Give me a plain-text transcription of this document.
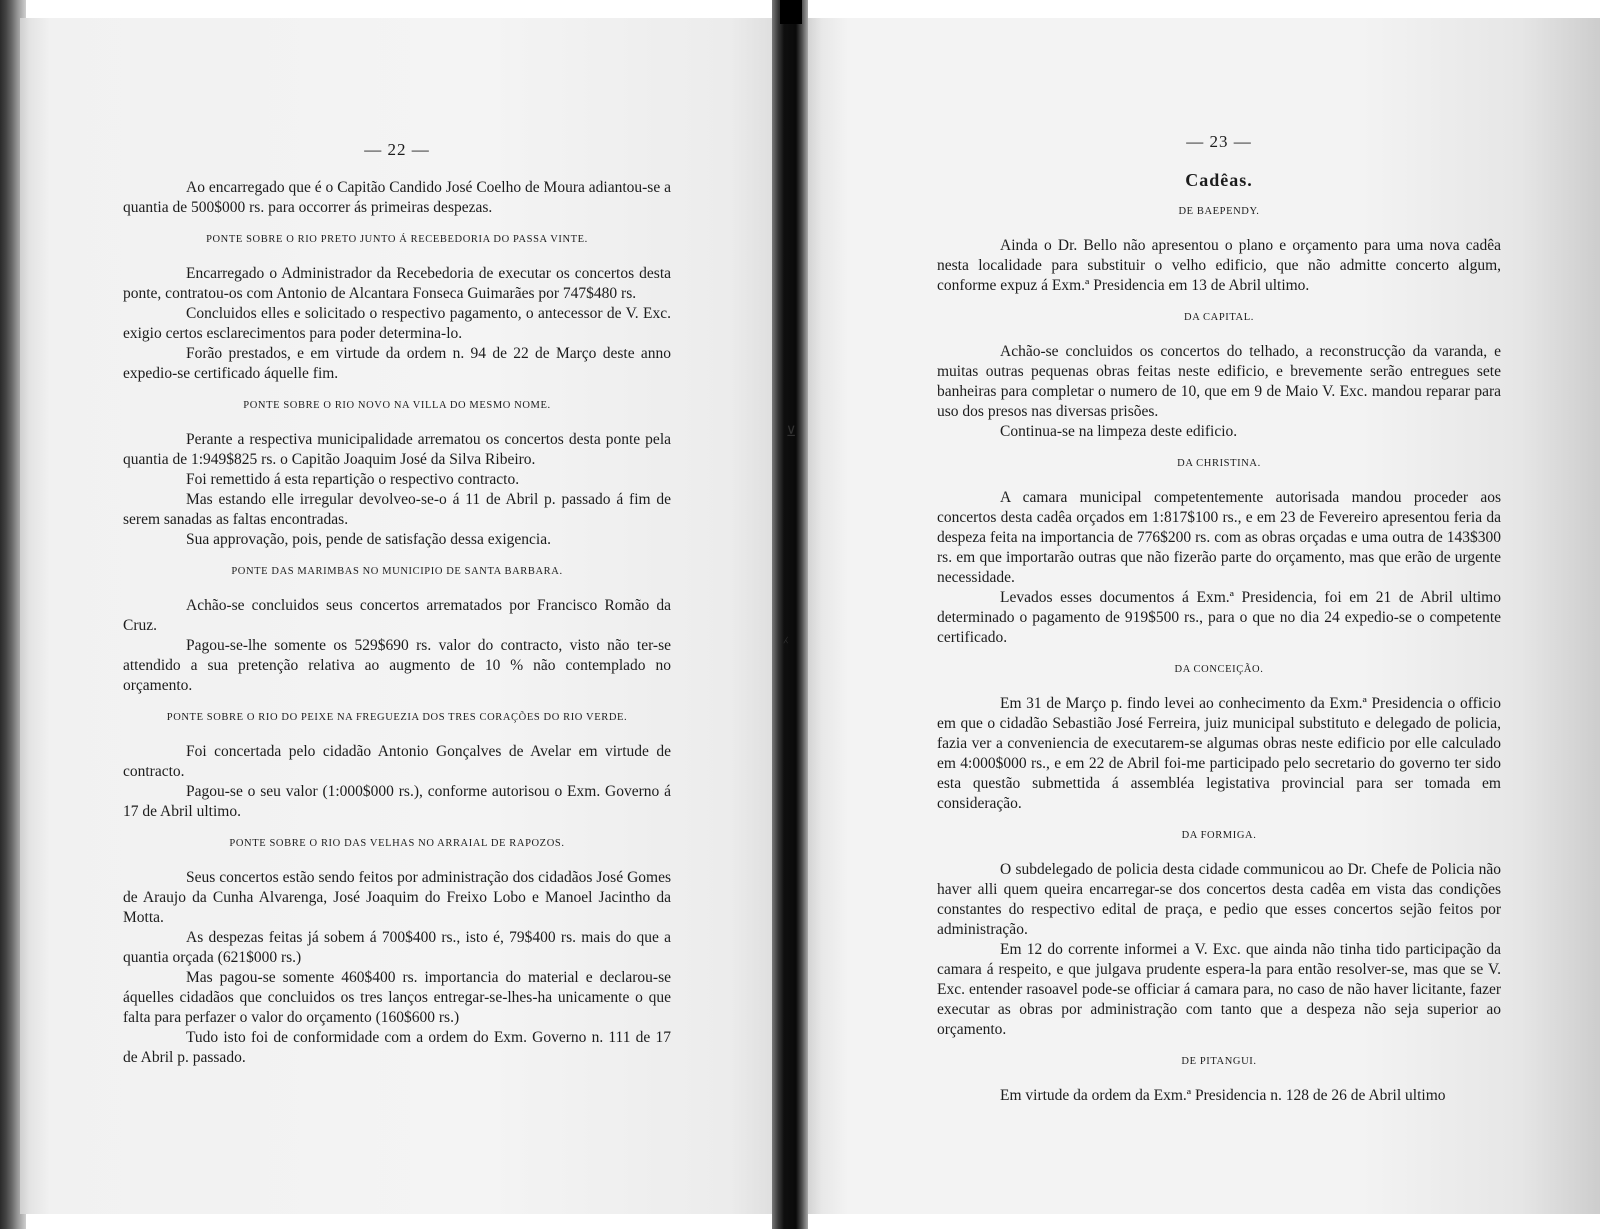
⊻
⁁
— 22 —

Ao encarregado que é o Capitão Candido José Coelho de Moura adiantou-se a quantia de 500$000 rs. para occorrer ás primeiras despezas.

PONTE SOBRE O RIO PRETO JUNTO Á RECEBEDORIA DO PASSA VINTE.

Encarregado o Administrador da Recebedoria de executar os concertos desta ponte, contratou-os com Antonio de Alcantara Fonseca Guimarães por 747$480 rs.

Concluidos elles e solicitado o respectivo pagamento, o antecessor de V. Exc. exigio certos esclarecimentos para poder determina-lo.

Forão prestados, e em virtude da ordem n. 94 de 22 de Março deste anno expedio-se certificado áquelle fim.

PONTE SOBRE O RIO NOVO NA VILLA DO MESMO NOME.

Perante a respectiva municipalidade arrematou os concertos desta ponte pela quantia de 1:949$825 rs. o Capitão Joaquim José da Silva Ribeiro.

Foi remettido á esta repartição o respectivo contracto.

Mas estando elle irregular devolveo-se-o á 11 de Abril p. passado á fim de serem sanadas as faltas encontradas.

Sua approvação, pois, pende de satisfação dessa exigencia.

PONTE DAS MARIMBAS NO MUNICIPIO DE SANTA BARBARA.

Achão-se concluidos seus concertos arrematados por Francisco Romão da Cruz.

Pagou-se-lhe somente os 529$690 rs. valor do contracto, visto não ter-se attendido a sua pretenção relativa ao augmento de 10 % não contemplado no orçamento.

PONTE SOBRE O RIO DO PEIXE NA FREGUEZIA DOS TRES CORAÇÕES DO RIO VERDE.

Foi concertada pelo cidadão Antonio Gonçalves de Avelar em virtude de contracto.

Pagou-se o seu valor (1:000$000 rs.), conforme autorisou o Exm. Governo á 17 de Abril ultimo.

PONTE SOBRE O RIO DAS VELHAS NO ARRAIAL DE RAPOZOS.

Seus concertos estão sendo feitos por administração dos cidadãos José Gomes de Araujo da Cunha Alvarenga, José Joaquim do Freixo Lobo e Manoel Jacintho da Motta.

As despezas feitas já sobem á 700$400 rs., isto é, 79$400 rs. mais do que a quantia orçada (621$000 rs.)

Mas pagou-se somente 460$400 rs. importancia do material e declarou-se áquelles cidadãos que concluidos os tres lanços entregar-se-lhes-ha unicamente o que falta para perfazer o valor do orçamento (160$600 rs.)

Tudo isto foi de conformidade com a ordem do Exm. Governo n. 111 de 17 de Abril p. passado.

— 23 —
Cadêas.
DE BAEPENDY.

Ainda o Dr. Bello não apresentou o plano e orçamento para uma nova cadêa nesta localidade para substituir o velho edificio, que não admitte concerto algum, conforme expuz á Exm.ª Presidencia em 13 de Abril ultimo.

DA CAPITAL.

Achão-se concluidos os concertos do telhado, a reconstrucção da varanda, e muitas outras pequenas obras feitas neste edificio, e brevemente serão entregues sete banheiras para completar o numero de 10, que em 9 de Maio V. Exc. mandou reparar para uso dos presos nas diversas prisões.

Continua-se na limpeza deste edificio.

DA CHRISTINA.

A camara municipal competentemente autorisada mandou proceder aos concertos desta cadêa orçados em 1:817$100 rs., e em 23 de Fevereiro apresentou feria da despeza feita na importancia de 776$200 rs. com as obras orçadas e uma outra de 143$300 rs. em que importarão outras que não fizerão parte do orçamento, mas que erão de urgente necessidade.

Levados esses documentos á Exm.ª Presidencia, foi em 21 de Abril ultimo determinado o pagamento de 919$500 rs., para o que no dia 24 expedio-se o competente certificado.

DA CONCEIÇÃO.

Em 31 de Março p. findo levei ao conhecimento da Exm.ª Presidencia o officio em que o cidadão Sebastião José Ferreira, juiz municipal substituto e delegado de policia, fazia ver a conveniencia de executarem-se algumas obras neste edificio por elle calculado em 4:000$000 rs., e em 22 de Abril foi-me participado pelo secretario do governo ter sido esta questão submettida á assembléa legistativa provincial para ser tomada em consideração.

DA FORMIGA.

O subdelegado de policia desta cidade communicou ao Dr. Chefe de Policia não haver alli quem queira encarregar-se dos concertos desta cadêa em vista das condições constantes do respectivo edital de praça, e pedio que esses concertos sejão feitos por administração.

Em 12 do corrente informei a V. Exc. que ainda não tinha tido participação da camara á respeito, e que julgava prudente espera-la para então resolver-se, mas que se V. Exc. entender rasoavel pode-se officiar á camara para, no caso de não haver licitante, fazer executar as obras por administração com tanto que a despeza não seja superior ao orçamento.

DE PITANGUI.

Em virtude da ordem da Exm.ª Presidencia n. 128 de 26 de Abril ultimo
